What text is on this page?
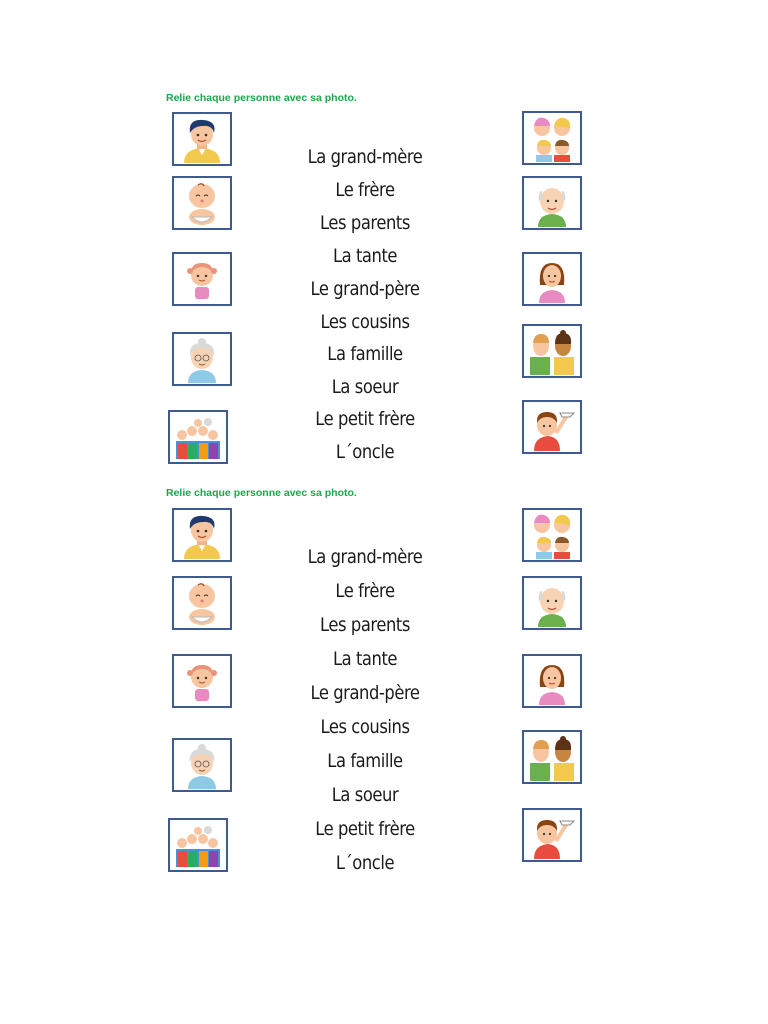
Relie chaque personne avec sa photo.
La grand-mère
Le frère
Les parents
La tante
Le grand-père
Les cousins
La famille
La soeur
Le petit frère
L´oncle
Relie chaque personne avec sa photo.
La grand-mère
Le frère
Les parents
La tante
Le grand-père
Les cousins
La famille
La soeur
Le petit frère
L´oncle
